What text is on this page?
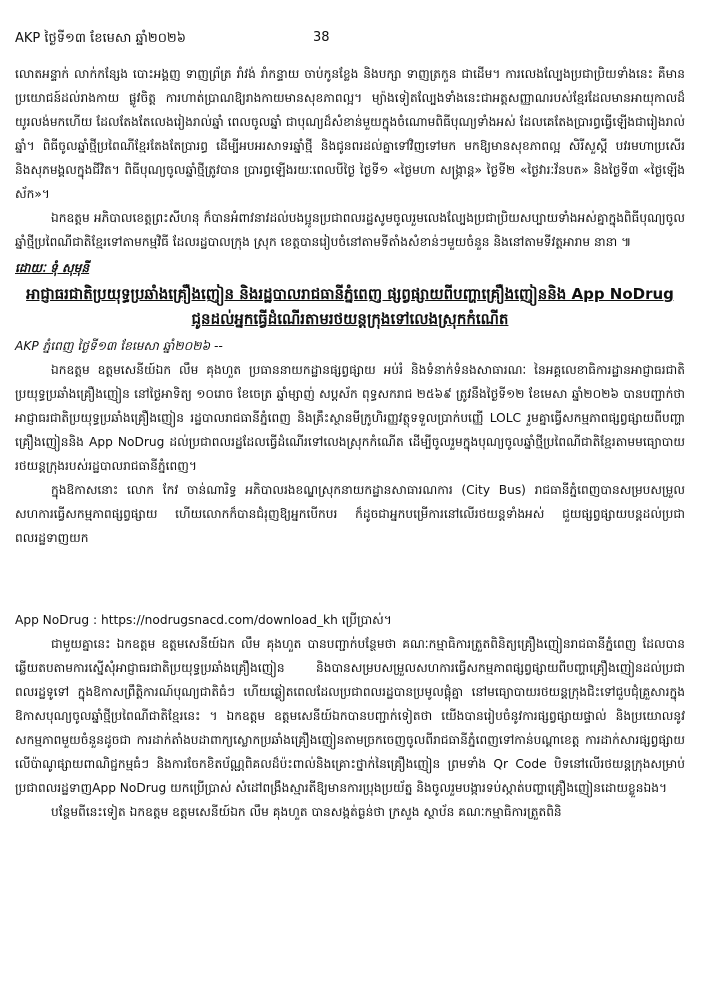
AKP ថ្ងៃទី១៣ ខែមេសា ឆ្នាំ២០២៦	38

លោតអន្ទាក់ លាក់កន្សែង បោះអង្គញ ទាញព្រ័ត្រ រាំវង់ រាំកន្ទាយ ចាប់កូនខ្លែង និងបក្សា ទាញត្រកួន ជាដើម។ ការលេងល្បែងប្រជាប្រិយទាំងនេះ គឺមានប្រយោជន៍ដល់រាងកាយ ផ្លូវចិត្ត ការហាត់ប្រាណឱ្យរាងកាយមានសុខភាពល្អ។ ម្យ៉ាងទៀតល្បែងទាំងនេះជាអត្តសញ្ញាណរបស់ខ្មែរដែលមានអាយុកាលដ៏យូរលង់មកហើយ ដែលតែងតែលេងរៀងរាល់ឆ្នាំ ពេលចូលឆ្នាំ ជាបុណ្យដ៏សំខាន់មួយក្នុងចំណោមពិធីបុណ្យទាំងអស់ ដែលគេតែងប្រារព្ធធ្វើឡើងជារៀងរាល់ឆ្នាំ។ ពិធីចូលឆ្នាំថ្មីប្រពៃណីខ្មែរតែងតែប្រារព្ធ ដើម្បីអបអរសាទរឆ្នាំថ្មី និងជូនពរដល់គ្នាទៅវិញទៅមក មកឱ្យមានសុខភាពល្អ សិរីសួស្តី បវរមហាប្រសើរ និងសុភមង្គលក្នុងជីវិត។ ពិធីបុណ្យចូលឆ្នាំថ្មីត្រូវបាន ប្រារព្ធឡើងរយៈពេលបីថ្ងៃ ថ្ងៃទី១ «ថ្ងៃមហា សង្ក្រាន្ត» ថ្ងៃទី២ «ថ្ងៃវារៈវ័នបត» និងថ្ងៃទី៣ «ថ្ងៃឡើង ស័ក»។

ឯកឧត្តម អភិបាលខេត្តព្រះសីហនុ ក៏បានអំពាវនាវដល់បងប្អូនប្រជាពលរដ្ឋសូមចូលរួមលេងល្បែងប្រជាប្រិយសប្បាយទាំងអស់គ្នាក្នុងពិធីបុណ្យចូលឆ្នាំថ្មីប្រពៃណីជាតិខ្មែរទៅតាមកម្មវិធី ដែលរដ្ឋបាលក្រុង ស្រុក ខេត្តបានរៀបចំនៅតាមទីតាំងសំខាន់ៗមួយចំនួន និងនៅតាមទីវត្តអារាម នានា ៕

ដោយៈ ទុំ សុមុនី

អាជ្ញាធរជាតិប្រយុទ្ធប្រឆាំងគ្រឿងញៀន និងរដ្ឋបាលរាជធានីភ្នំពេញ ផ្សព្វផ្សាយពីបញ្ហាគ្រឿងញៀននិង App NoDrug ជូនដល់អ្នកធ្វើដំណើរតាមរថយន្តក្រុងទៅលេងស្រុកកំណើត

AKP ភ្នំពេញ ថ្ងៃទី១៣ ខែមេសា ឆ្នាំ២០២៦ --

ឯកឧត្តម ឧត្តមសេនីយ៍ឯក លឹម គុងហួត ប្រធាននាយកដ្ឋានផ្សព្វផ្សាយ អប់រំ និងទំនាក់ទំនងសាធារណៈ នៃអគ្គលេខាធិការដ្ឋានអាជ្ញាធរជាតិប្រយុទ្ធប្រឆាំងគ្រឿងញៀន នៅថ្ងៃអាទិត្យ ១០រោច ខែចេត្រ ឆ្នាំម្សាញ់ សប្តស័ក ពុទ្ធសករាជ ២៥៦៩ ត្រូវនឹងថ្ងៃទី១២ ខែមេសា ឆ្នាំ២០២៦ បានបញ្ជាក់ថា អាជ្ញាធរជាតិប្រយុទ្ធប្រឆាំងគ្រឿងញៀន រដ្ឋបាលរាជធានីភ្នំពេញ និងគ្រឹះស្ថានមីក្រូហិរញ្ញវត្ថុទទួលប្រាក់បញ្ញើ LOLC រួមគ្នាធ្វើសកម្មភាពផ្សព្វផ្សាយពីបញ្ហាគ្រឿងញៀននិង App NoDrug ដល់ប្រជាពលរដ្ឋដែលធ្វើដំណើរទៅលេងស្រុកកំណើត ដើម្បីចូលរួមក្នុងបុណ្យចូលឆ្នាំថ្មីប្រពៃណីជាតិខ្មែរតាមមធ្យោបាយរថយន្តក្រុងរបស់រដ្ឋបាលរាជធានីភ្នំពេញ។

ក្នុងឱកាសនោះ លោក កែវ ចាន់ណារិទ្ធ អភិបាលរងខណ្ឌស្រុកនាយកដ្ឋានសាធារណការ (City Bus) រាជធានីភ្នំពេញបានសម្របសម្រួលសហការធ្វើសកម្មភាពផ្សព្វផ្សាយ ហើយលោកក៏បានជំរុញឱ្យអ្នកបើកបរ ក៏ដូចជាអ្នកបម្រើការនៅលើរថយន្តទាំងអស់ ជួយផ្សព្វផ្សាយបន្តដល់ប្រជាពលរដ្ឋទាញយក

App NoDrug : https://nodrugsnacd.com/download_kh ប្រើប្រាស់។

ជាមួយគ្នានេះ ឯកឧត្តម ឧត្តមសេនីយ៍ឯក លឹម គុងហួត បានបញ្ជាក់បន្ថែមថា គណៈកម្មាធិការត្រួតពិនិត្យគ្រឿងញៀនរាជធានីភ្នំពេញ ដែលបានឆ្លើយតបតាមការស្នើសុំអាជ្ញាធរជាតិប្រយុទ្ធប្រឆាំងគ្រឿងញៀន និងបានសម្របសម្រួលសហការធ្វើសកម្មភាពផ្សព្វផ្សាយពីបញ្ហាគ្រឿងញៀនដល់ប្រជាពលរដ្ឋទូទៅ ក្នុងឱកាសព្រឹត្តិការណ៍បុណ្យជាតិធំៗ ហើយឆ្លៀតពេលដែលប្រជាពលរដ្ឋបានប្រមូលផ្តុំគ្នា នៅមធ្យោបាយរថយន្តក្រុងជិះទៅជួបជុំគ្រួសារក្នុងឱកាសបុណ្យចូលឆ្នាំថ្មីប្រពៃណីជាតិខ្មែរនេះ ។ ឯកឧត្តម ឧត្តមសេនីយ៍ឯកបានបញ្ជាក់ទៀតថា យើងបានរៀបចំនូវការផ្សព្វផ្សាយផ្ទាល់ និងប្រយោលនូវសកម្មភាពមួយចំនួនដូចជា ការដាក់តាំងបដាពាក្យស្លោកប្រឆាំងគ្រឿងញៀនតាមច្រកចេញចូលពីរាជធានីភ្នំពេញទៅកាន់បណ្តាខេត្ត ការដាក់សារផ្សព្វផ្សាយលើប៉ាណូផ្សាយពាណិជ្ជកម្មធំៗ និងការចែកខិតប័ណ្ណពិគលដ៏ប៉ះពាល់និងគ្រោះថ្នាក់នៃគ្រឿងញៀន ព្រមទាំង Qr Code បិទនៅលើរថយន្តក្រុងសម្រាប់ប្រជាពលរដ្ឋទាញApp NoDrug យកប្រើប្រាស់ សំដៅពង្រឹងស្មារតីឱ្យមានការប្រុងប្រយ័ត្ន និងចូលរួមបង្ការទប់ស្កាត់បញ្ហាគ្រឿងញៀនដោយខ្លួនឯង។

បន្ថែមពីនេះទៀត ឯកឧត្តម ឧត្តមសេនីយ៍ឯក លឹម គុងហួត បានសង្កត់ធ្ងន់ថា ក្រសួង ស្ថាប័ន គណៈកម្មាធិការត្រួតពិនិ
